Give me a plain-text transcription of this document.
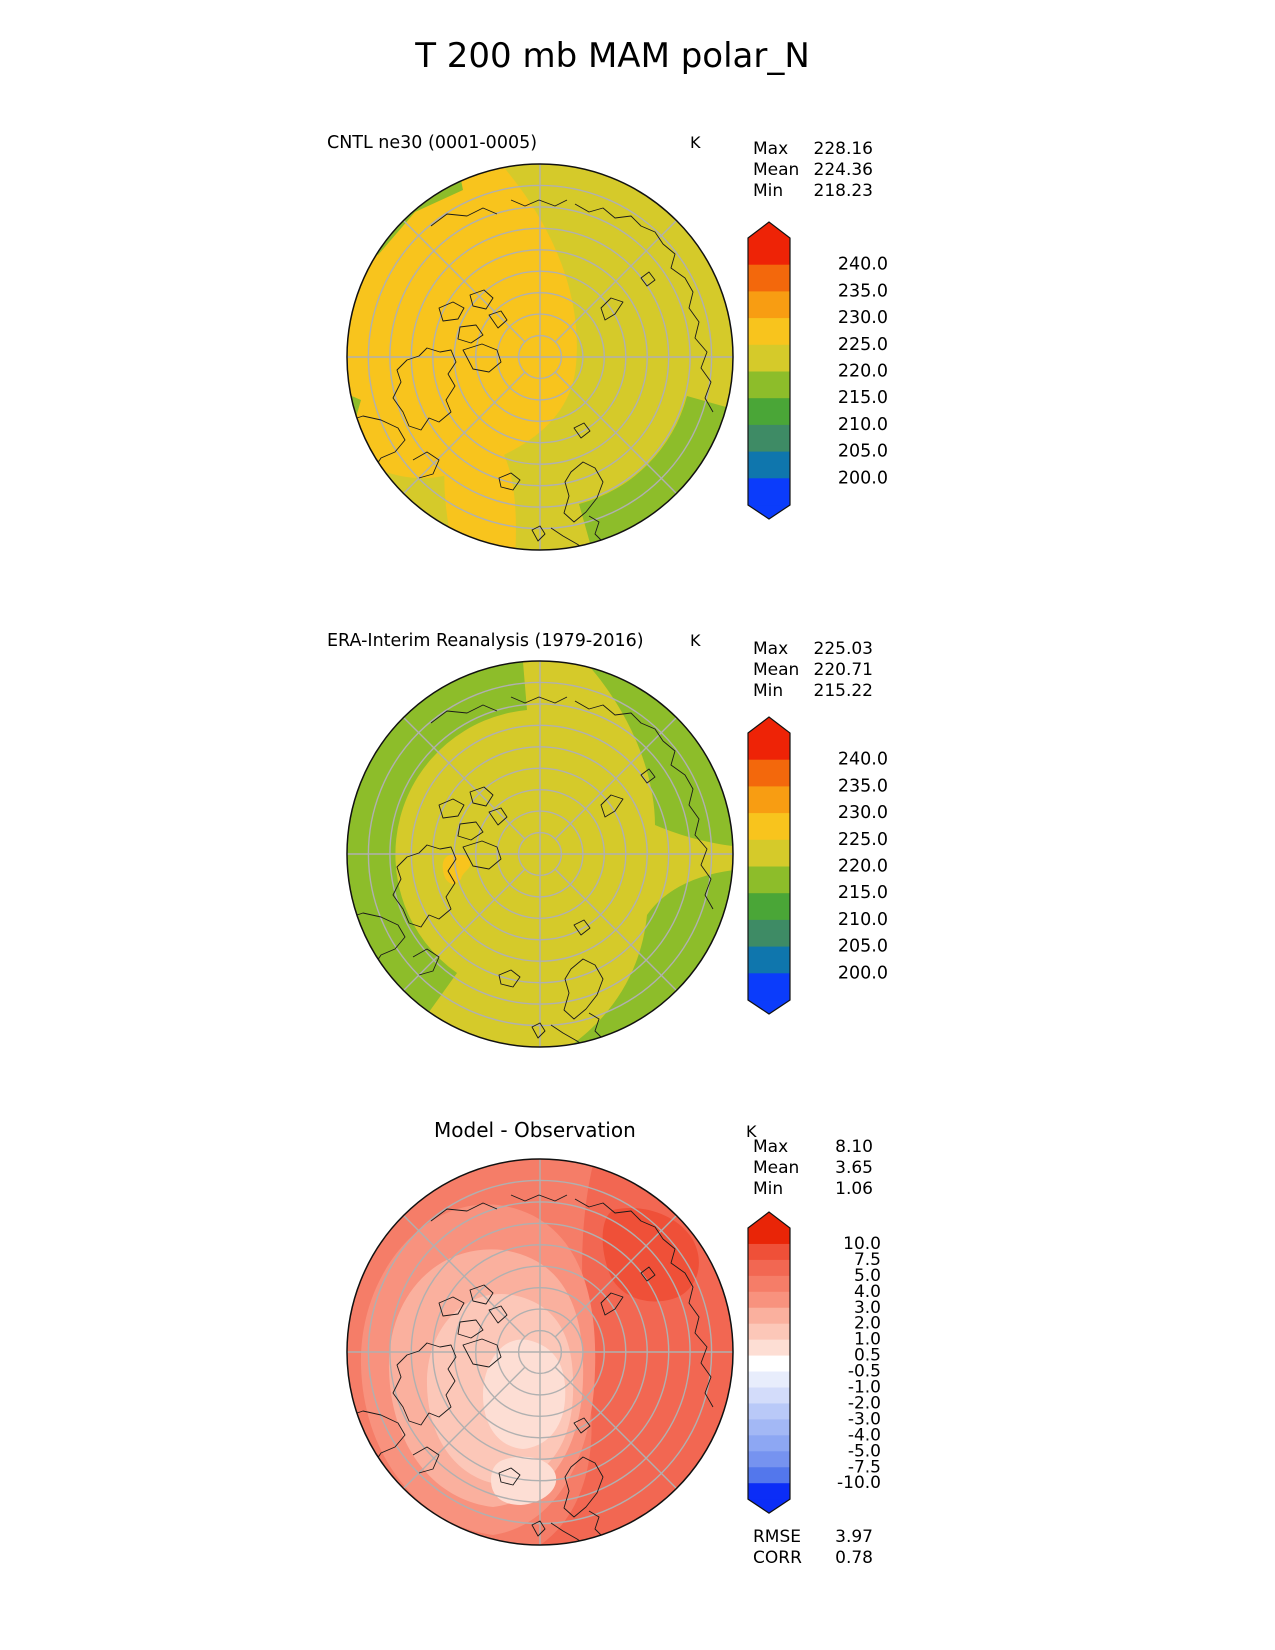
T 200 mb MAM polar_N
CNTL ne30 (0001-0005)	K	Max	228.16
Mean 224.36
Min	218.23
240.0
235.0
230.0
225.0
220.0
215.0
210.0
205.0
200.0
ERA-Interim Reanalysis (1979-2016)	K	Max	225.03
Mean 220.71
Min	215.22
240.0
235.0
230.0
225.0
220.0
215.0
210.0
205.0
200.0
Model - Observation	K
Max	8.10
Mean	3.65
Min	1.06
10.0
7.5
5.0
4.0
3.0
2.0
1.0
0.5
-0.5
-1.0
-2.0
-3.0
-4.0
-5.0
-7.5
-10.0
RMSE	3.97
CORR	0.78
